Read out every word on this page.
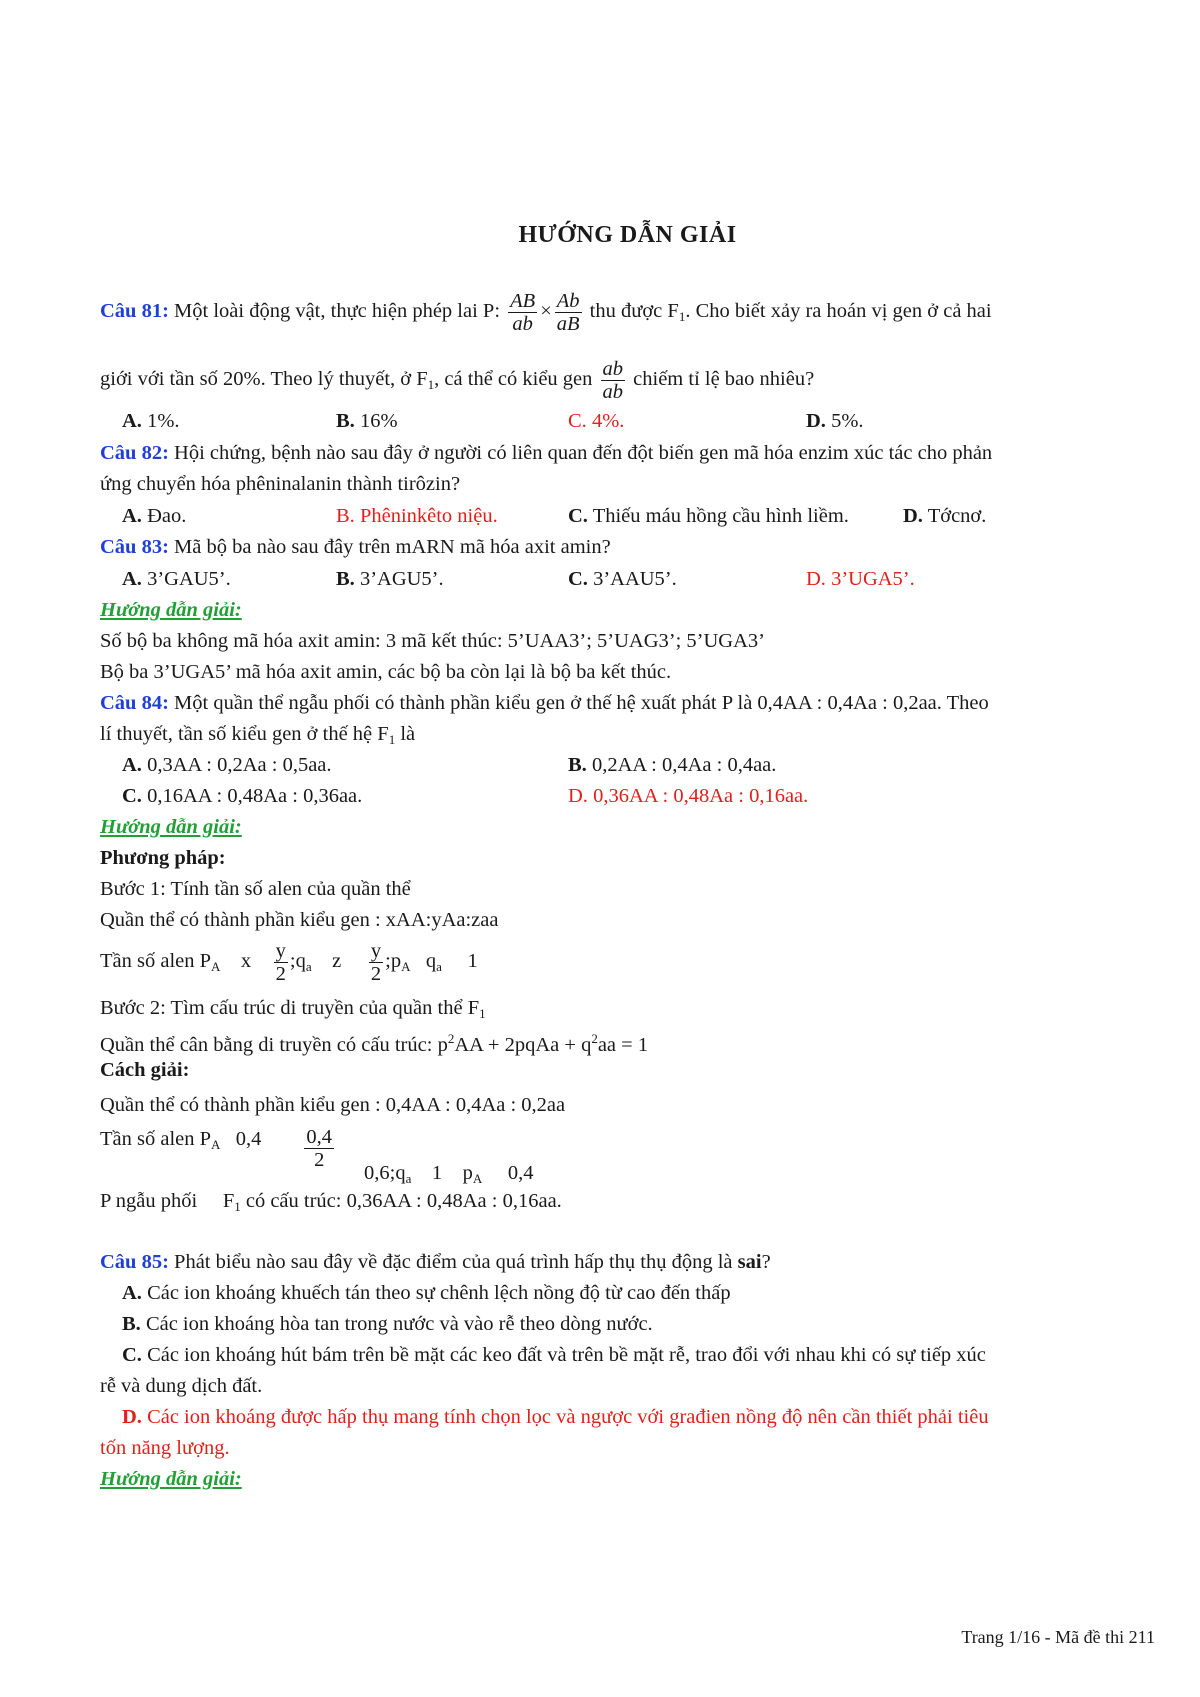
HƯỚNG DẪN GIẢI
Câu 81: Một loài động vật, thực hiện phép lai P: $\frac{AB}{ab} \times \frac{Ab}{aB}$ thu được $F_1$. Cho biết xảy ra hoán vị gen ở cả hai
giới với tần số 20%. Theo lý thuyết, ở $F_1$, cá thể có kiểu gen $\frac{ab}{ab}$ chiếm tỉ lệ bao nhiêu?
A. 1%.	B. 16%	C. 4%.	D. 5%.
Câu 82: Hội chứng, bệnh nào sau đây ở người có liên quan đến đột biến gen mã hóa enzim xúc tác cho phản
ứng chuyển hóa phêninalanin thành tirôzin?
A. Đao.	B. Phêninkêto niệu.	C. Thiếu máu hồng cầu hình liềm.	D. Tớcnơ.
Câu 83: Mã bộ ba nào sau đây trên mARN mã hóa axit amin?
A. 3’GAU5’.	B. 3’AGU5’.	C. 3’AAU5’.	D. 3’UGA5’.
Hướng dẫn giải:
Số bộ ba không mã hóa axit amin: 3 mã kết thúc: 5’UAA3’; 5’UAG3’; 5’UGA3’
Bộ ba 3’UGA5’ mã hóa axit amin, các bộ ba còn lại là bộ ba kết thúc.
Câu 84: Một quần thể ngẫu phối có thành phần kiểu gen ở thế hệ xuất phát P là 0,4AA : 0,4Aa : 0,2aa. Theo
lí thuyết, tần số kiểu gen ở thế hệ $F_1$ là
A. 0,3AA : 0,2Aa : 0,5aa.	B. 0,2AA : 0,4Aa : 0,4aa.
C. 0,16AA : 0,48Aa : 0,36aa.	D. 0,36AA : 0,48Aa : 0,16aa.
Hướng dẫn giải:
Phương pháp:
Bước 1: Tính tần số alen của quần thể
Quần thể có thành phần kiểu gen : xAA:yAa:zaa
Tần số alen $P_A$ x $\frac{y}{2}$ $;q_a$ z $\frac{y}{2}$ $;p_A$ $q_a$ 1
Bước 2: Tìm cấu trúc di truyền của quần thể $F_1$
Quần thể cân bằng di truyền có cấu trúc: $p^2AA$ + 2pqAa + $q^2aa = 1$
Cách giải:
Quần thể có thành phần kiểu gen : 0,4AA : 0,4Aa : 0,2aa
Tần số alen $P_A$ $0,4 \frac{0,4}{2}$
$0,6;q_a$ 1 $p_A$ 0,4
P ngẫu phối $F_1$ có cấu trúc: 0,36AA : 0,48Aa : 0,16aa.
Câu 85: Phát biểu nào sau đây về đặc điểm của quá trình hấp thụ thụ động là sai?
A. Các ion khoáng khuếch tán theo sự chênh lệch nồng độ từ cao đến thấp
B. Các ion khoáng hòa tan trong nước và vào rễ theo dòng nước.
C. Các ion khoáng hút bám trên bề mặt các keo đất và trên bề mặt rễ, trao đổi với nhau khi có sự tiếp xúc
rễ và dung dịch đất.
D. Các ion khoáng được hấp thụ mang tính chọn lọc và ngược với građien nồng độ nên cần thiết phải tiêu
tốn năng lượng.
Hướng dẫn giải:
Trang 1/16 - Mã đề thi 211
